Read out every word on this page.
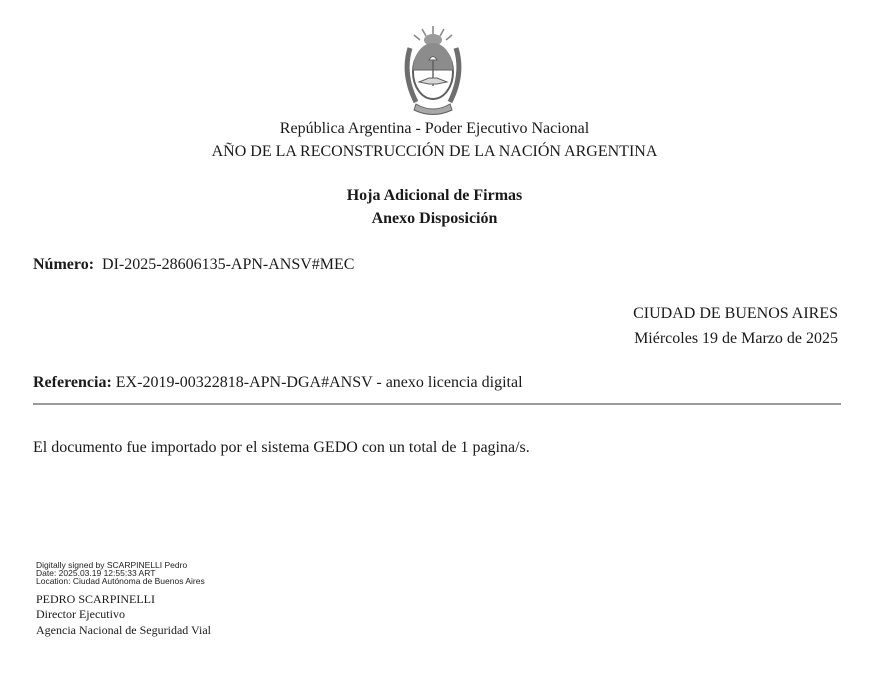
República Argentina - Poder Ejecutivo Nacional
AÑO DE LA RECONSTRUCCIÓN DE LA NACIÓN ARGENTINA
Hoja Adicional de Firmas
Anexo Disposición
Número: DI-2025-28606135-APN-ANSV#MEC
CIUDAD DE BUENOS AIRES
Miércoles 19 de Marzo de 2025
Referencia: EX-2019-00322818-APN-DGA#ANSV - anexo licencia digital
El documento fue importado por el sistema GEDO con un total de 1 pagina/s.
Digitally signed by SCARPINELLI Pedro
Date: 2025.03.19 12:55:33 ART
Location: Ciudad Autónoma de Buenos Aires
PEDRO SCARPINELLI
Director Ejecutivo
Agencia Nacional de Seguridad Vial
